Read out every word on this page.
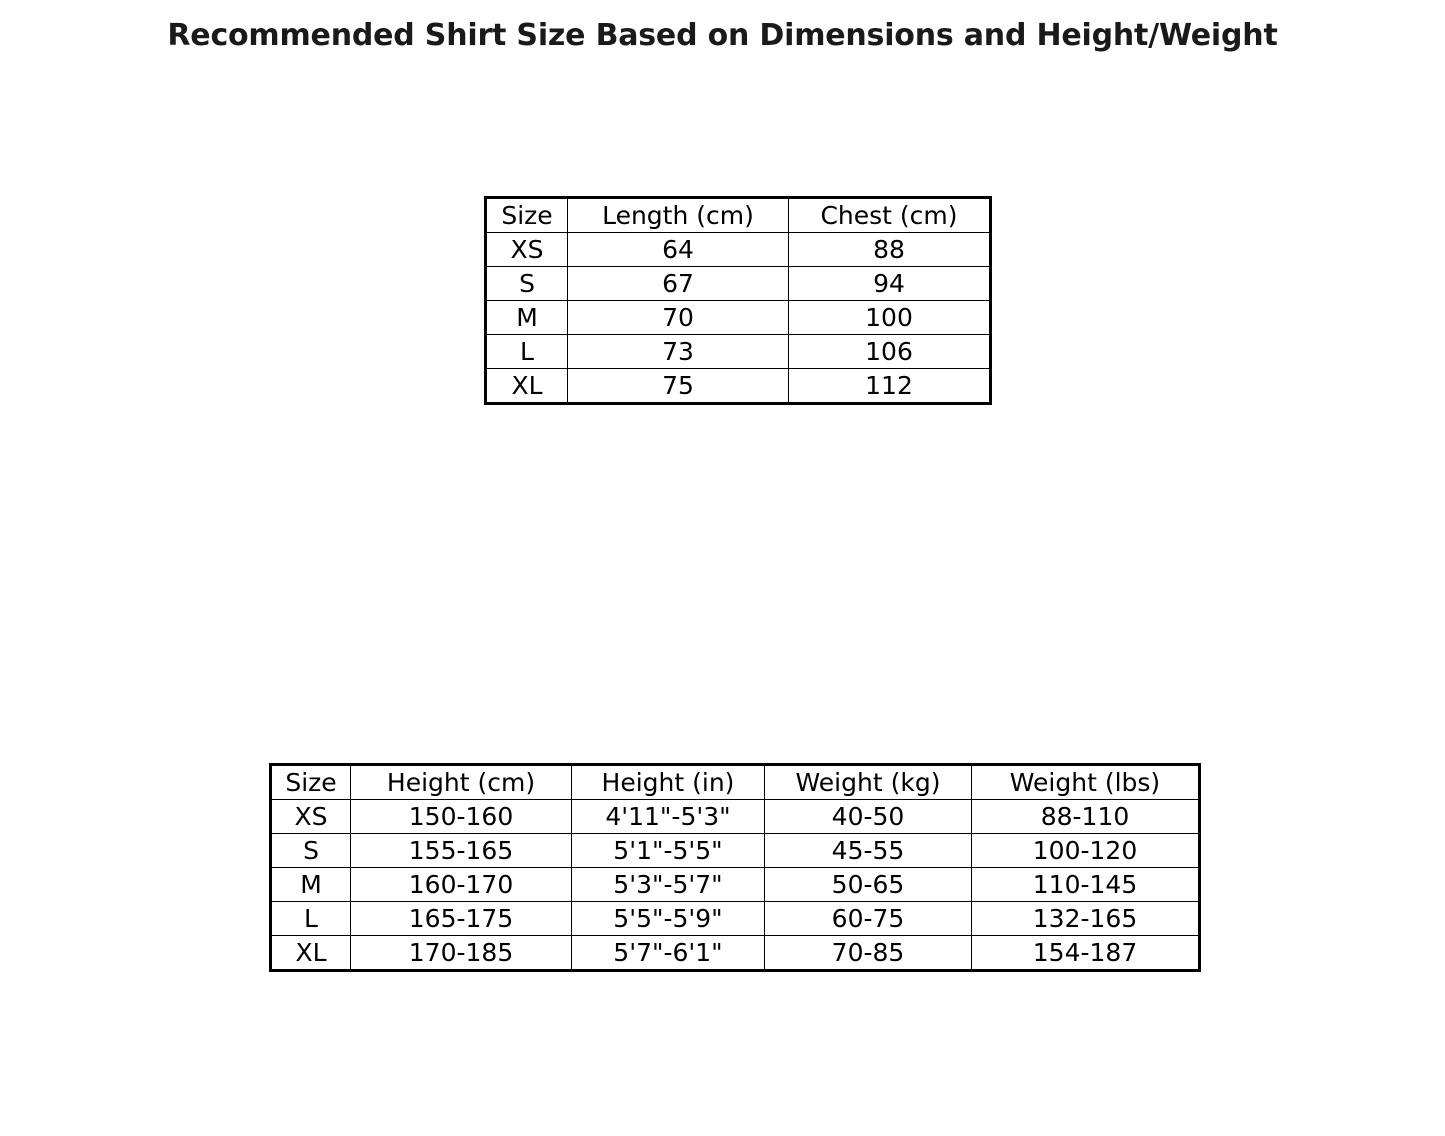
Recommended Shirt Size Based on Dimensions and Height/Weight
Size	Length (cm)	Chest (cm)
XS	64	88
S	67	94
M	70	100
L	73	106
XL	75	112
Size	Height (cm)	Height (in)	Weight (kg)	Weight (lbs)
XS	150-160	4'11"-5'3"	40-50	88-110
S	155-165	5'1"-5'5"	45-55	100-120
M	160-170	5'3"-5'7"	50-65	110-145
L	165-175	5'5"-5'9"	60-75	132-165
XL	170-185	5'7"-6'1"	70-85	154-187
